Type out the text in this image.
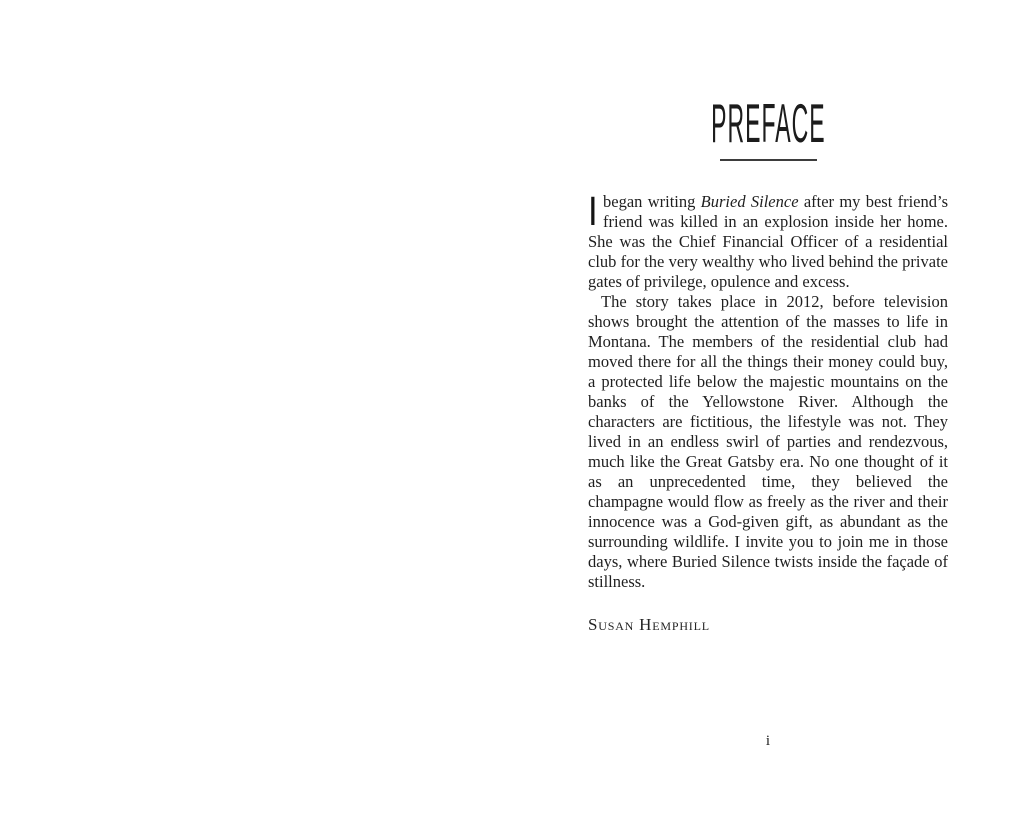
PREFACE

Ibegan writing Buried Silence after my best friend’s friend was killed in an explosion inside her home. She was the Chief Financial Officer of a residential club for the very wealthy who lived behind the private gates of privilege, opulence and excess.

The story takes place in 2012, before television shows brought the attention of the masses to life in Montana. The members of the residential club had moved there for all the things their money could buy, a protected life below the majestic mountains on the banks of the Yellowstone River. Although the characters are fictitious, the lifestyle was not. They lived in an endless swirl of parties and rendezvous, much like the Great Gatsby era. No one thought of it as an unprecedented time, they believed the champagne would flow as freely as the river and their innocence was a God-given gift, as abundant as the surrounding wildlife. I invite you to join me in those days, where Buried Silence twists inside the façade of stillness.

Susan Hemphill

i
